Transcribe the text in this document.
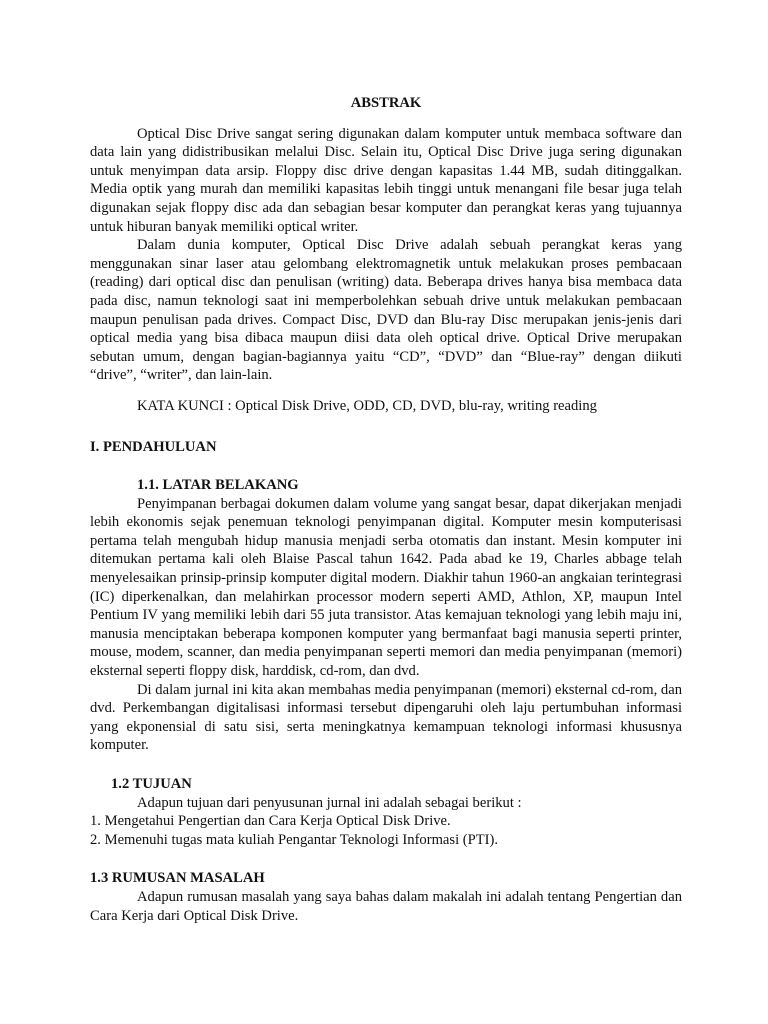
ABSTRAK

Optical Disc Drive sangat sering digunakan dalam komputer untuk membaca software dan data lain yang didistribusikan melalui Disc. Selain itu, Optical Disc Drive juga sering digunakan untuk menyimpan data arsip. Floppy disc drive dengan kapasitas 1.44 MB, sudah ditinggalkan. Media optik yang murah dan memiliki kapasitas lebih tinggi untuk menangani file besar juga telah digunakan sejak floppy disc ada dan sebagian besar komputer dan perangkat keras yang tujuannya untuk hiburan banyak memiliki optical writer.

Dalam dunia komputer, Optical Disc Drive adalah sebuah perangkat keras yang menggunakan sinar laser atau gelombang elektromagnetik untuk melakukan proses pembacaan (reading) dari optical disc dan penulisan (writing) data. Beberapa drives hanya bisa membaca data pada disc, namun teknologi saat ini memperbolehkan sebuah drive untuk melakukan pembacaan maupun penulisan pada drives. Compact Disc, DVD dan Blu-ray Disc merupakan jenis-jenis dari optical media yang bisa dibaca maupun diisi data oleh optical drive. Optical Drive merupakan sebutan umum, dengan bagian-bagiannya yaitu “CD”, “DVD” dan “Blue-ray” dengan diikuti “drive”, “writer”, dan lain-lain.

KATA KUNCI : Optical Disk Drive, ODD, CD, DVD, blu-ray, writing reading

I. PENDAHULUAN
1.1. LATAR BELAKANG

Penyimpanan berbagai dokumen dalam volume yang sangat besar, dapat dikerjakan menjadi lebih ekonomis sejak penemuan teknologi penyimpanan digital. Komputer mesin komputerisasi pertama telah mengubah hidup manusia menjadi serba otomatis dan instant. Mesin komputer ini ditemukan pertama kali oleh Blaise Pascal tahun 1642. Pada abad ke 19, Charles abbage telah menyelesaikan prinsip-prinsip komputer digital modern. Diakhir tahun 1960-an angkaian terintegrasi (IC) diperkenalkan, dan melahirkan processor modern seperti AMD, Athlon, XP, maupun Intel Pentium IV yang memiliki lebih dari 55 juta transistor. Atas kemajuan teknologi yang lebih maju ini, manusia menciptakan beberapa komponen komputer yang bermanfaat bagi manusia seperti printer, mouse, modem, scanner, dan media penyimpanan seperti memori dan media penyimpanan (memori) eksternal seperti floppy disk, harddisk, cd-rom, dan dvd.

Di dalam jurnal ini kita akan membahas media penyimpanan (memori) eksternal cd-rom, dan dvd. Perkembangan digitalisasi informasi tersebut dipengaruhi oleh laju pertumbuhan informasi yang ekponensial di satu sisi, serta meningkatnya kemampuan teknologi informasi khususnya komputer.

1.2 TUJUAN

Adapun tujuan dari penyusunan jurnal ini adalah sebagai berikut :

1. Mengetahui Pengertian dan Cara Kerja Optical Disk Drive.
2. Memenuhi tugas mata kuliah Pengantar Teknologi Informasi (PTI).
1.3 RUMUSAN MASALAH

Adapun rumusan masalah yang saya bahas dalam makalah ini adalah tentang Pengertian dan Cara Kerja dari Optical Disk Drive.
